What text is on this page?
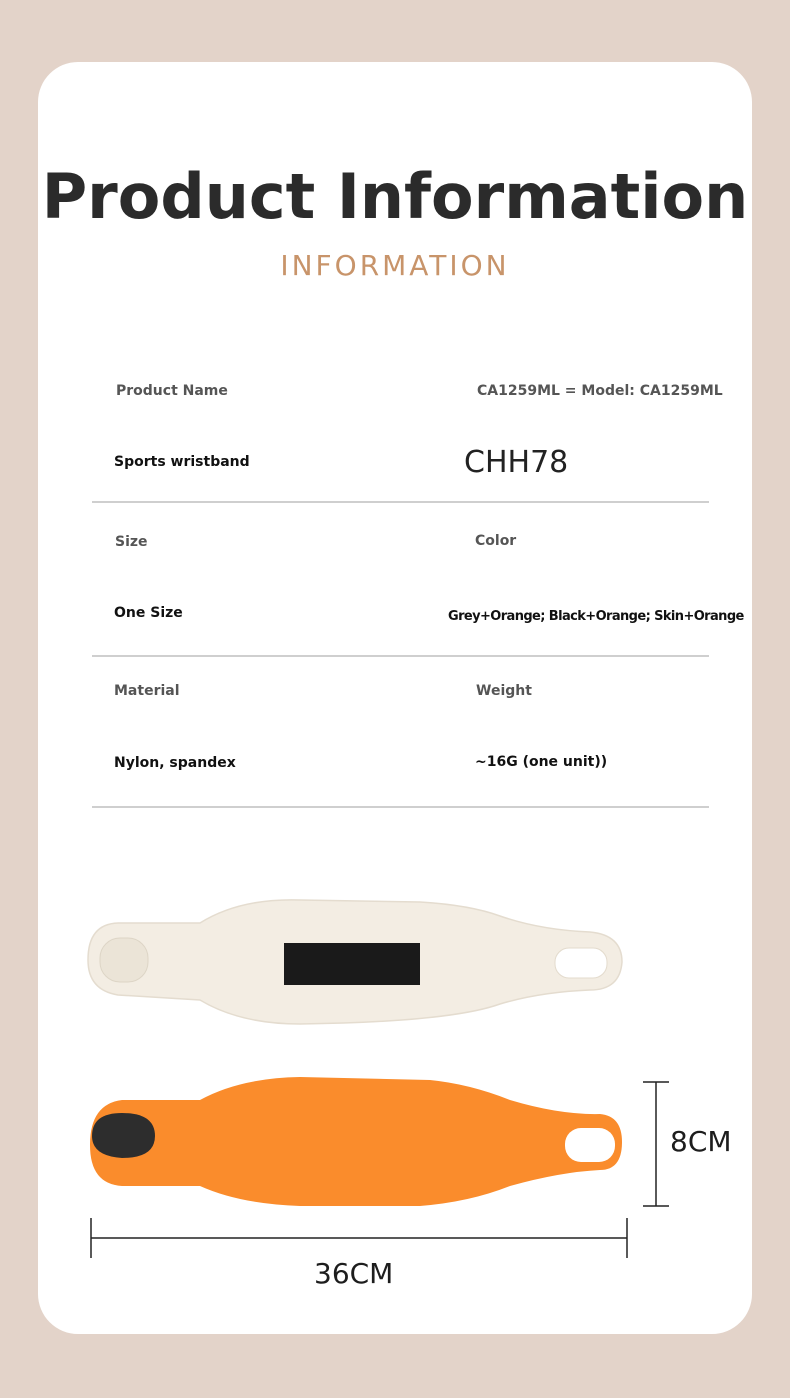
Product Information
INFORMATION
Product Name	CA1259ML = Model: CA1259ML
Sports wristband	CHH78
Size	Color
One Size	Grey+Orange; Black+Orange; Skin+Orange
Material	Weight
Nylon, spandex	~16G (one unit))
8CM
36CM
